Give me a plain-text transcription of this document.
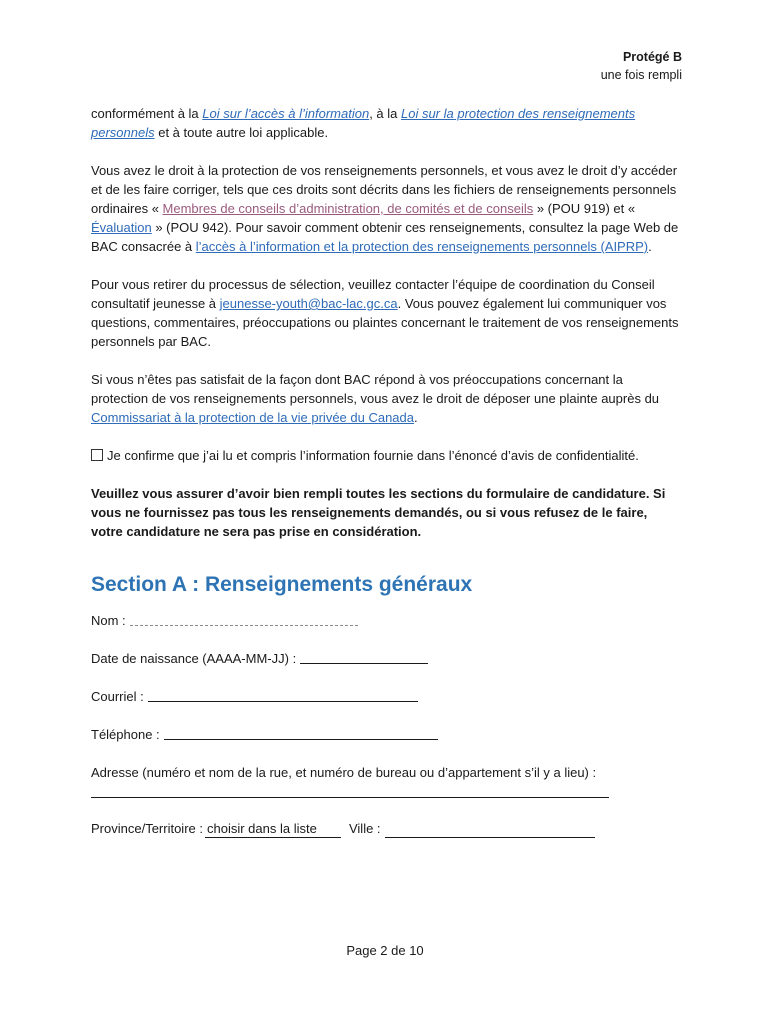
Protégé B
une fois rempli

conformément à la Loi sur l’accès à l’information, à la Loi sur la protection des renseignements personnels et à toute autre loi applicable.

Vous avez le droit à la protection de vos renseignements personnels, et vous avez le droit d’y accéder et de les faire corriger, tels que ces droits sont décrits dans les fichiers de renseignements personnels ordinaires « Membres de conseils d’administration, de comités et de conseils » (POU 919) et « Évaluation » (POU 942). Pour savoir comment obtenir ces renseignements, consultez la page Web de BAC consacrée à l’accès à l’information et la protection des renseignements personnels (AIPRP).

Pour vous retirer du processus de sélection, veuillez contacter l’équipe de coordination du Conseil consultatif jeunesse à jeunesse-youth@bac-lac.gc.ca. Vous pouvez également lui communiquer vos questions, commentaires, préoccupations ou plaintes concernant le traitement de vos renseignements personnels par BAC.

Si vous n’êtes pas satisfait de la façon dont BAC répond à vos préoccupations concernant la protection de vos renseignements personnels, vous avez le droit de déposer une plainte auprès du Commissariat à la protection de la vie privée du Canada.

Je confirme que j’ai lu et compris l’information fournie dans l’énoncé d’avis de confidentialité.

Veuillez vous assurer d’avoir bien rempli toutes les sections du formulaire de candidature. Si vous ne fournissez pas tous les renseignements demandés, ou si vous refusez de le faire, votre candidature ne sera pas prise en considération.

Section A : Renseignements généraux
Nom :
Date de naissance (AAAA-MM-JJ) :
Courriel :
Téléphone :
Adresse (numéro et nom de la rue, et numéro de bureau ou d’appartement s’il y a lieu) :
Province/Territoire : choisir dans la liste	Ville :
Page 2 de 10
